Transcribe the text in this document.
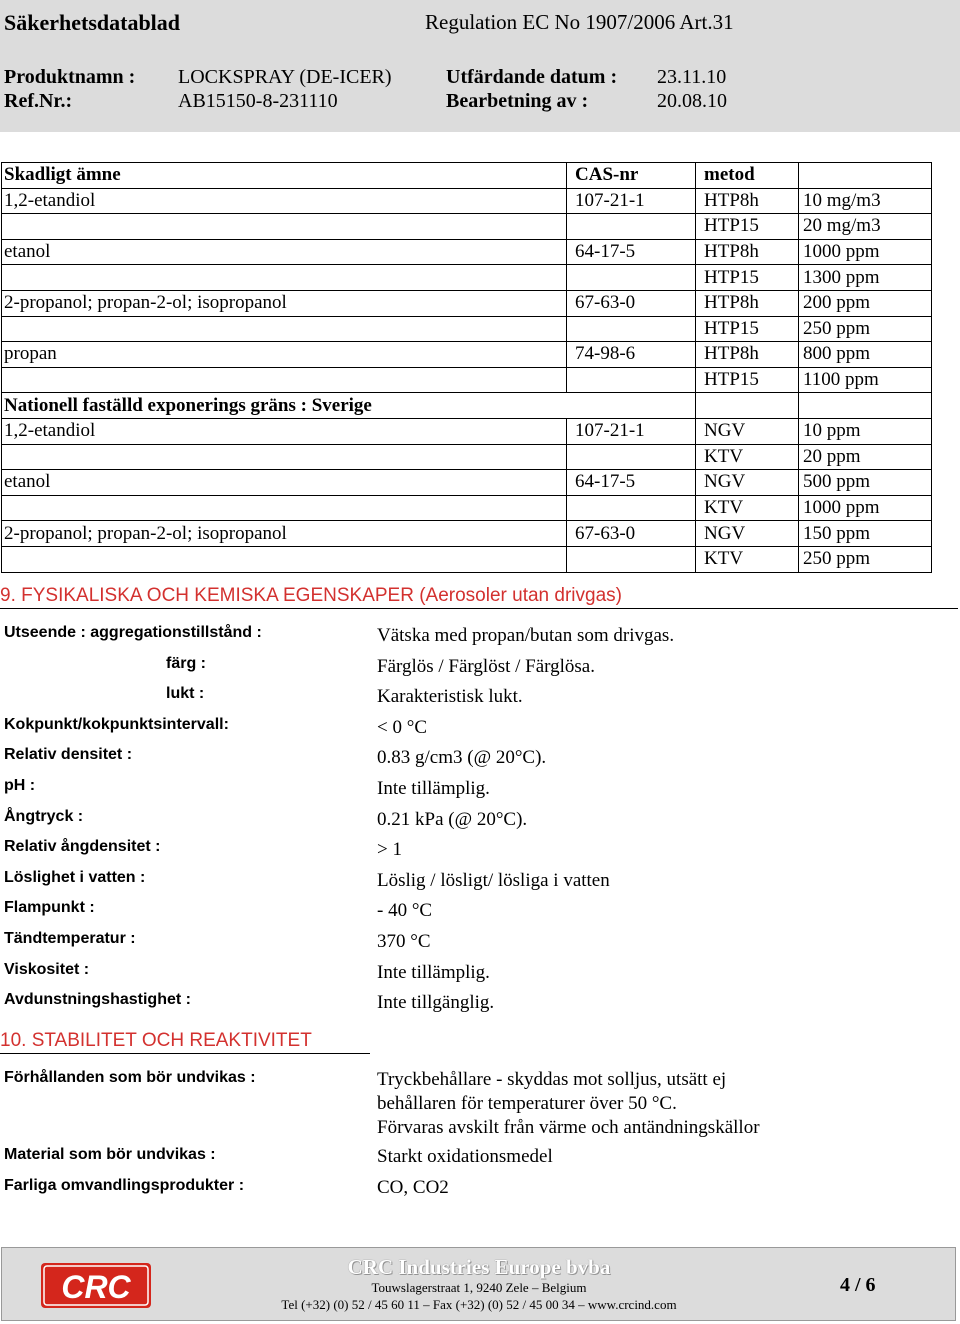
Säkerhetsdatablad	Regulation EC No 1907/2006 Art.31
Produktnamn : LOCKSPRAY (DE-ICER)	Utfärdande datum : 23.11.10
Ref.Nr.:	AB15150-8-231110	Bearbetning av :	20.08.10
Skadligt ämne	CAS-nr	metod	
1,2-etandiol	107-21-1	HTP8h	10 mg/m3
		HTP15	20 mg/m3
etanol	64-17-5	HTP8h	1000 ppm
		HTP15	1300 ppm
2-propanol; propan-2-ol; isopropanol	67-63-0	HTP8h	200 ppm
		HTP15	250 ppm
propan	74-98-6	HTP8h	800 ppm
		HTP15	1100 ppm
Nationell faställd exponerings gräns : Sverige			
1,2-etandiol	107-21-1	NGV	10 ppm
		KTV	20 ppm
etanol	64-17-5	NGV	500 ppm
		KTV	1000 ppm
2-propanol; propan-2-ol; isopropanol	67-63-0	NGV	150 ppm
		KTV	250 ppm
9. FYSIKALISKA OCH KEMISKA EGENSKAPER (Aerosoler utan drivgas)
Utseende : aggregationstillstånd :	Vätska med propan/butan som drivgas.
färg :	Färglös / Färglöst / Färglösa.
lukt :	Karakteristisk lukt.
Kokpunkt/kokpunktsintervall:	< 0 °C
Relativ densitet :	0.83 g/cm3 (@ 20°C).
pH :	Inte tillämplig.
Ångtryck :	0.21 kPa (@ 20°C).
Relativ ångdensitet :	> 1
Löslighet i vatten :	Löslig / lösligt/ lösliga i vatten
Flampunkt :	- 40 °C
Tändtemperatur :	370 °C
Viskositet :	Inte tillämplig.
Avdunstningshastighet :	Inte tillgänglig.
10. STABILITET OCH REAKTIVITET
Förhållanden som bör undvikas :	Tryckbehållare - skyddas mot solljus, utsätt ej
behållaren för temperaturer över 50 °C.
Förvaras avskilt från värme och antändningskällor
Material som bör undvikas :	Starkt oxidationsmedel
Farliga omvandlingsprodukter :	CO, CO2
CRC
CRC Industries Europe bvba
Touwslagerstraat 1, 9240 Zele – Belgium
Tel (+32) (0) 52 / 45 60 11 – Fax (+32) (0) 52 / 45 00 34 – www.crcind.com
4 / 6
